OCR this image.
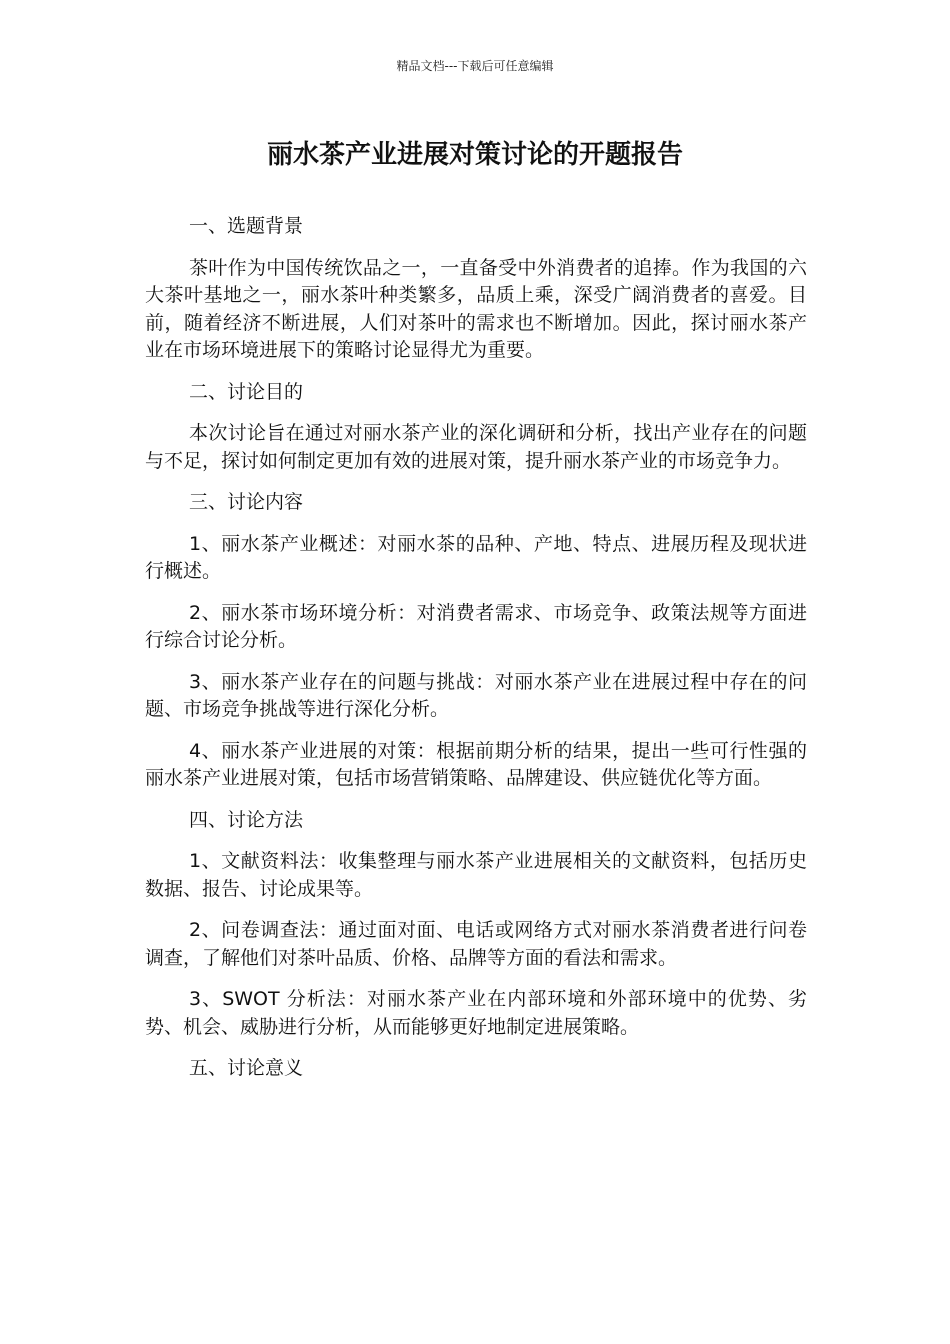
精品文档---下载后可任意编辑
丽水茶产业进展对策讨论的开题报告

一、选题背景

茶叶作为中国传统饮品之一，一直备受中外消费者的追捧。作为我国的六大茶叶基地之一，丽水茶叶种类繁多，品质上乘，深受广阔消费者的喜爱。目前，随着经济不断进展，人们对茶叶的需求也不断增加。因此，探讨丽水茶产业在市场环境进展下的策略讨论显得尤为重要。

二、讨论目的

本次讨论旨在通过对丽水茶产业的深化调研和分析，找出产业存在的问题与不足，探讨如何制定更加有效的进展对策，提升丽水茶产业的市场竞争力。

三、讨论内容

1、丽水茶产业概述：对丽水茶的品种、产地、特点、进展历程及现状进行概述。

2、丽水茶市场环境分析：对消费者需求、市场竞争、政策法规等方面进行综合讨论分析。

3、丽水茶产业存在的问题与挑战：对丽水茶产业在进展过程中存在的问题、市场竞争挑战等进行深化分析。

4、丽水茶产业进展的对策：根据前期分析的结果，提出一些可行性强的丽水茶产业进展对策，包括市场营销策略、品牌建设、供应链优化等方面。

四、讨论方法

1、文献资料法：收集整理与丽水茶产业进展相关的文献资料，包括历史数据、报告、讨论成果等。

2、问卷调查法：通过面对面、电话或网络方式对丽水茶消费者进行问卷调查，了解他们对茶叶品质、价格、品牌等方面的看法和需求。

3、SWOT 分析法：对丽水茶产业在内部环境和外部环境中的优势、劣势、机会、威胁进行分析，从而能够更好地制定进展策略。

五、讨论意义
